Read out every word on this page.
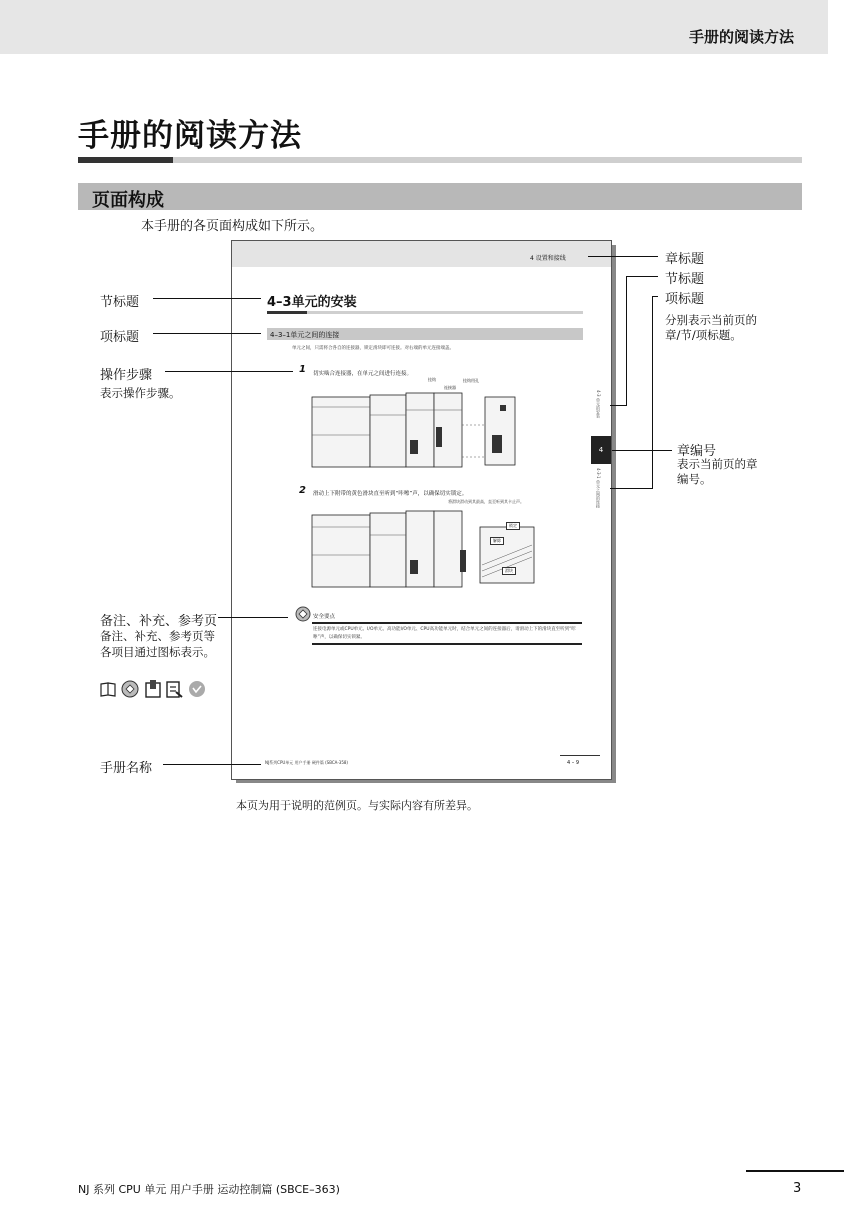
手册的阅读方法
手册的阅读方法
页面构成
本手册的各页面构成如下所示。
4 设置和接线
4–3单元的安装
4–3–1单元之间的连接
单元之间，只需将合各自的连接器，锁定滑块即可连接。对右端的单元连接端盖。
1 切实啮合连接器，在单元之间进行连接。
挂钩
连接器
挂钩用孔
2 滑动上下附带的黄色滑块直至听到“咔嚓”声，以确保切实锁定。
将滑块滑动到其最高，直至听到其卡止声。
锁定
解除
滑块
4-3 单元的安装
4
4-3-1 单元之间的连接
安全要点
连接电源单元或CPU单元、I/O单元、高功能I/O单元、CPU高功能单元时，结合单元之间的连接器后，请滑动上下的滑块直至听到“咔嚓”声，以确保切实锁紧。
NJ系列CPU单元 用户手册 硬件篇 (SBCA-358)	4 – 9
节标题
项标题
操作步骤
表示操作步骤。
备注、补充、参考页
备注、补充、参考页等
各项目通过图标表示。
手册名称
章标题
节标题
项标题
分别表示当前页的
章/节/项标题。
章编号
表示当前页的章
编号。
本页为用于说明的范例页。与实际内容有所差异。
NJ 系列 CPU 单元 用户手册 运动控制篇 (SBCE–363)	3
